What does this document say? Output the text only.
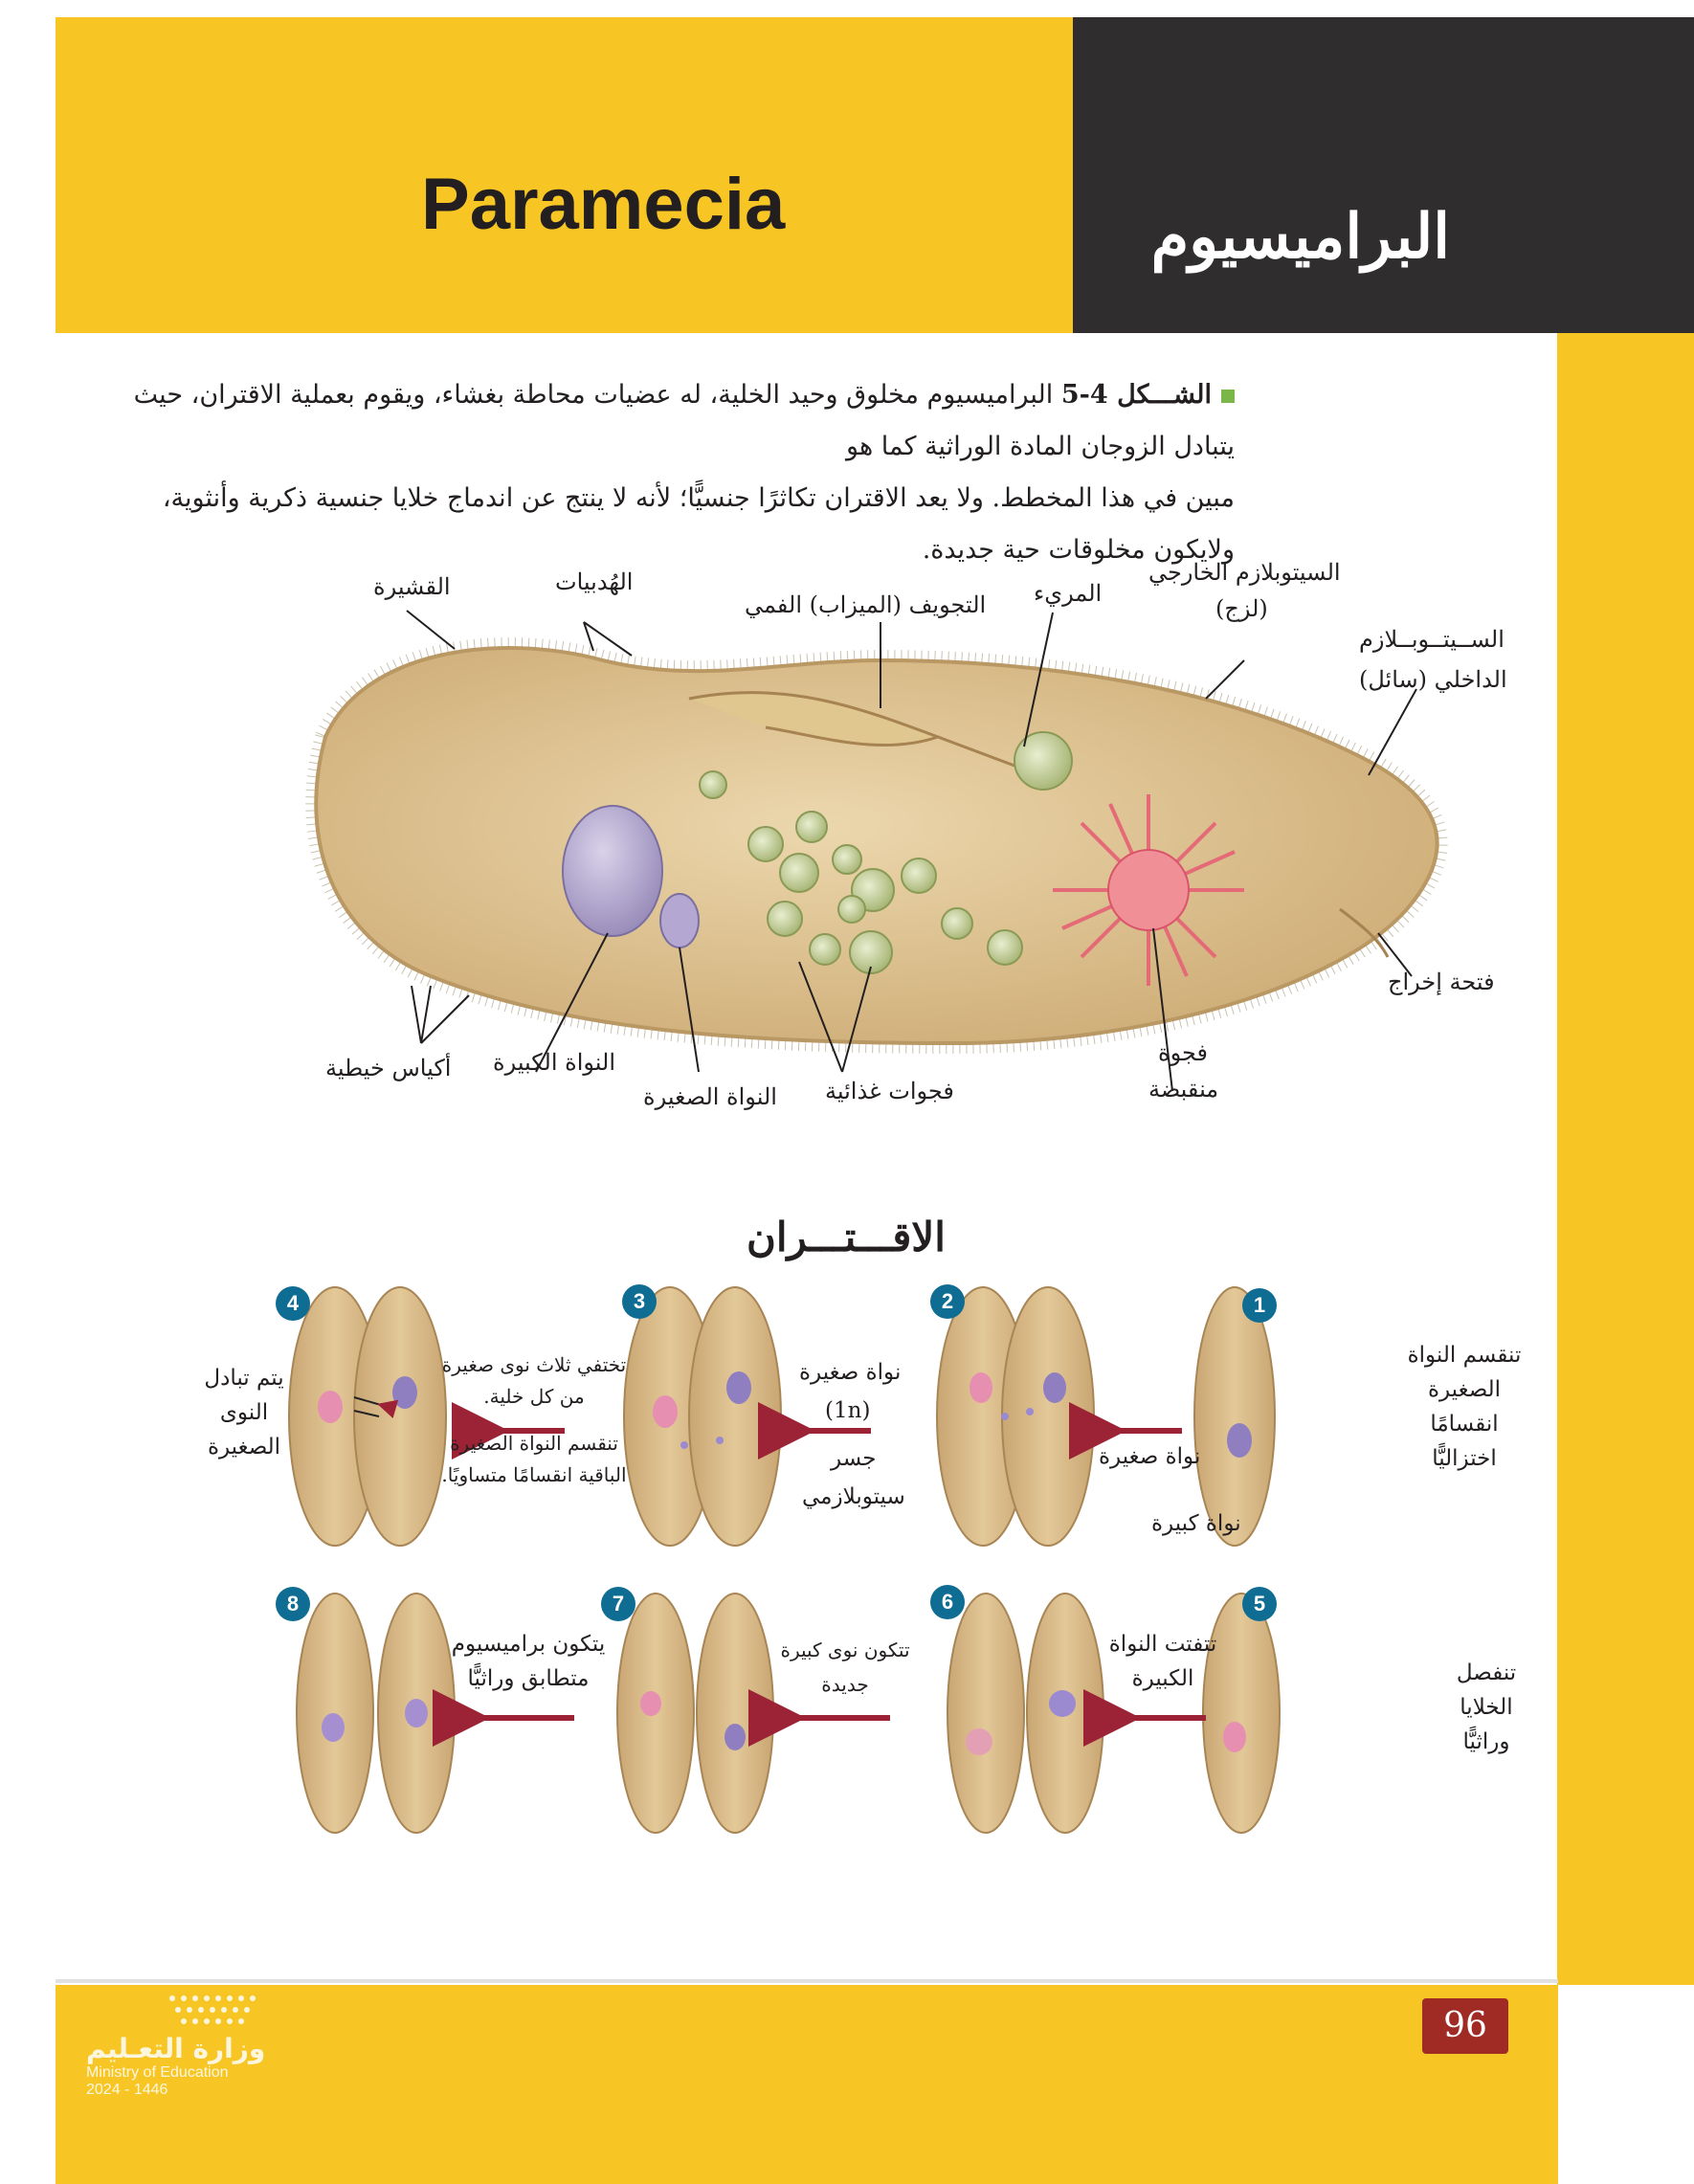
Paramecia	البراميسيوم
الشـــكل 4-5 البراميسيوم مخلوق وحيد الخلية، له عضيات محاطة بغشاء، ويقوم بعملية الاقتران، حيث يتبادل الزوجان المادة الوراثية كما هو
مبين في هذا المخطط. ولا يعد الاقتران تكاثرًا جنسيًّا؛ لأنه لا ينتج عن اندماج خلايا جنسية ذكرية وأنثوية، ولايكون مخلوقات حية جديدة.
القشيرة	الهُدبيات
التجويف (الميزاب) الفمي المريء
السيتوبلازم الخارجي
(لزج)
الســيتــوبــلازم
الداخلي (سائل)
فتحة إخراج
فجوة
منقبضة
فجوات غذائية
النواة الصغيرة
النواة الكبيرة
أكياس خيطية
الاقـــتـــران
1
2
3
4
5
6
7
8
تنقسم النواة
الصغيرة
انقسامًا
اختزاليًّا
نواة صغيرة
نواة كبيرة
نواة صغيرة
(1n)
جسر
سيتوبلازمي
تختفي ثلاث نوى صغيرة
من كل خلية.
تنقسم النواة الصغيرة
الباقية انقسامًا متساويًا.
يتم تبادل
النوى
الصغيرة
تنفصل
الخلايا
وراثيًّا
تتفتت النواة
الكبيرة
تتكون نوى كبيرة
جديدة
يتكون براميسيوم
متطابق وراثيًّا
96
وزارة التعـليم
Ministry of Education
2024 - 1446
